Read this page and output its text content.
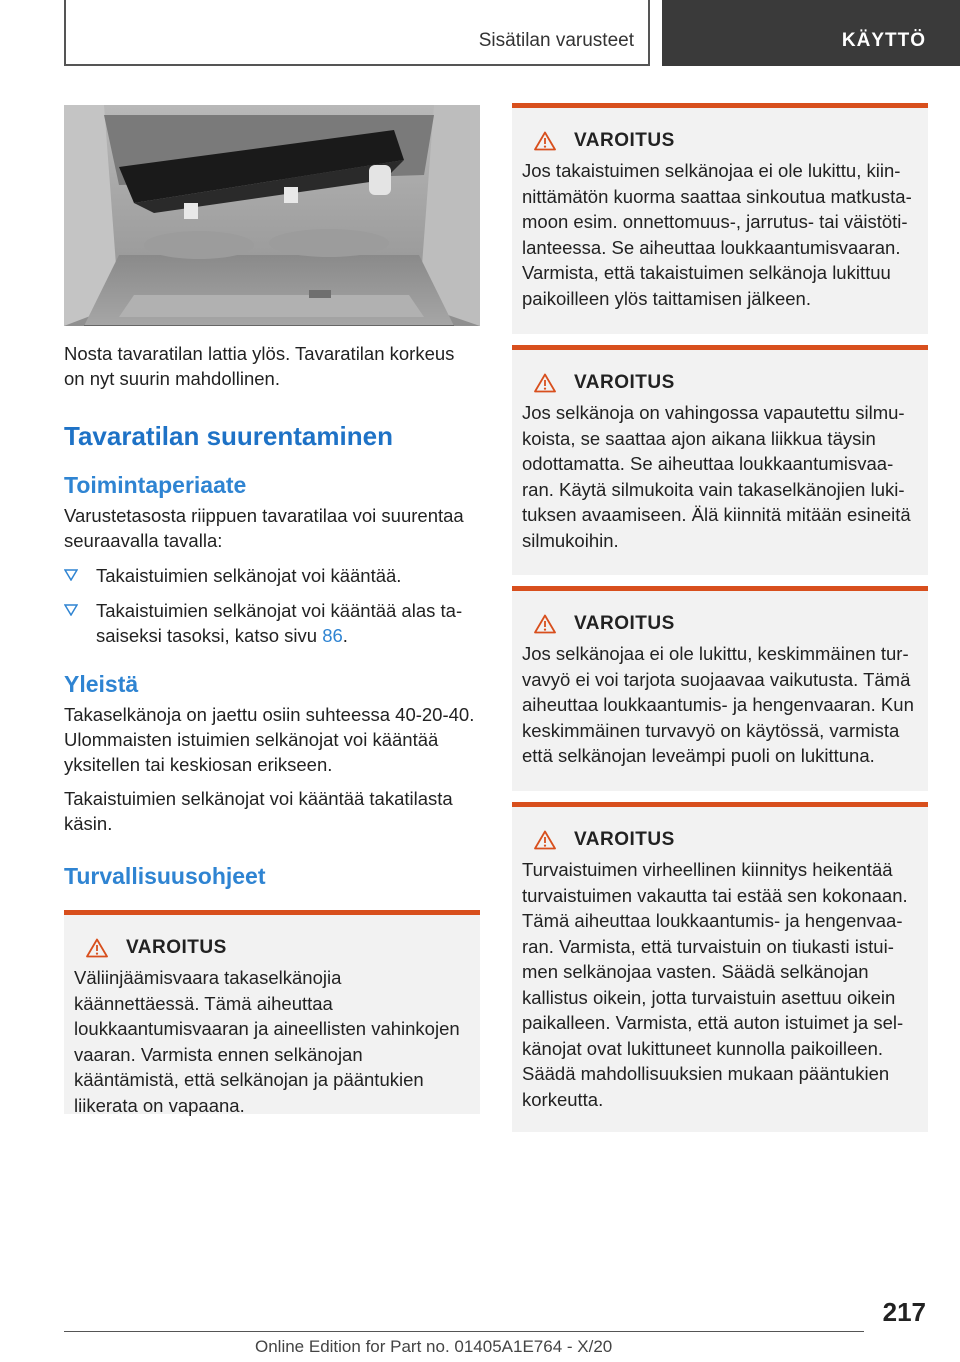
Sisätilan varusteet	KÄYTTÖ

Nosta tavaratilan lattia ylös. Tavaratilan korkeus on nyt suurin mahdollinen.

Tavaratilan suurentaminen
Toimintaperiaate

Varustetasosta riippuen tavaratilaa voi suurentaa seuraavalla tavalla:

Takaistuimien selkänojat voi kääntää.
Takaistuimien selkänojat voi kääntää alas tasaiseksi tasoksi, katso sivu 86.
Yleistä

Takaselkänoja on jaettu osiin suhteessa 40-20-40. Ulommaisten istuimien selkänojat voi kääntää yksitellen tai keskiosan erikseen.

Takaistuimien selkänojat voi kääntää takatilasta käsin.

Turvallisuusohjeet
VAROITUS

Väliinjäämisvaara takaselkänojia käännettäessä. Tämä aiheuttaa loukkaantumisvaaran ja aineellisten vahinkojen vaaran. Varmista ennen selkänojan kääntämistä, että selkänojan ja pääntukien liikerata on vapaana.

VAROITUS

Jos takaistuimen selkänojaa ei ole lukittu, kiinnittämätön kuorma saattaa sinkoutua matkustamoon esim. onnettomuus-, jarrutus- tai väistötilanteessa. Se aiheuttaa loukkaantumisvaaran. Varmista, että takaistuimen selkänoja lukittuu paikoilleen ylös taittamisen jälkeen.

VAROITUS

Jos selkänoja on vahingossa vapautettu silmukoista, se saattaa ajon aikana liikkua täysin odottamatta. Se aiheuttaa loukkaantumisvaaran. Käytä silmukoita vain takaselkänojien lukituksen avaamiseen. Älä kiinnitä mitään esineitä silmukoihin.

VAROITUS

Jos selkänojaa ei ole lukittu, keskimmäinen turvavyö ei voi tarjota suojaavaa vaikutusta. Tämä aiheuttaa loukkaantumis- ja hengenvaaran. Kun keskimmäinen turvavyö on käytössä, varmista että selkänojan leveämpi puoli on lukittuna.

VAROITUS

Turvaistuimen virheellinen kiinnitys heikentää turvaistuimen vakautta tai estää sen kokonaan. Tämä aiheuttaa loukkaantumis- ja hengenvaaran. Varmista, että turvaistuin on tiukasti istuimen selkänojaa vasten. Säädä selkänojan kallistus oikein, jotta turvaistuin asettuu oikein paikalleen. Varmista, että auton istuimet ja selkänojat ovat lukittuneet kunnolla paikoilleen. Säädä mahdollisuuksien mukaan pääntukien korkeutta.

217
Online Edition for Part no. 01405A1E764 - X/20
